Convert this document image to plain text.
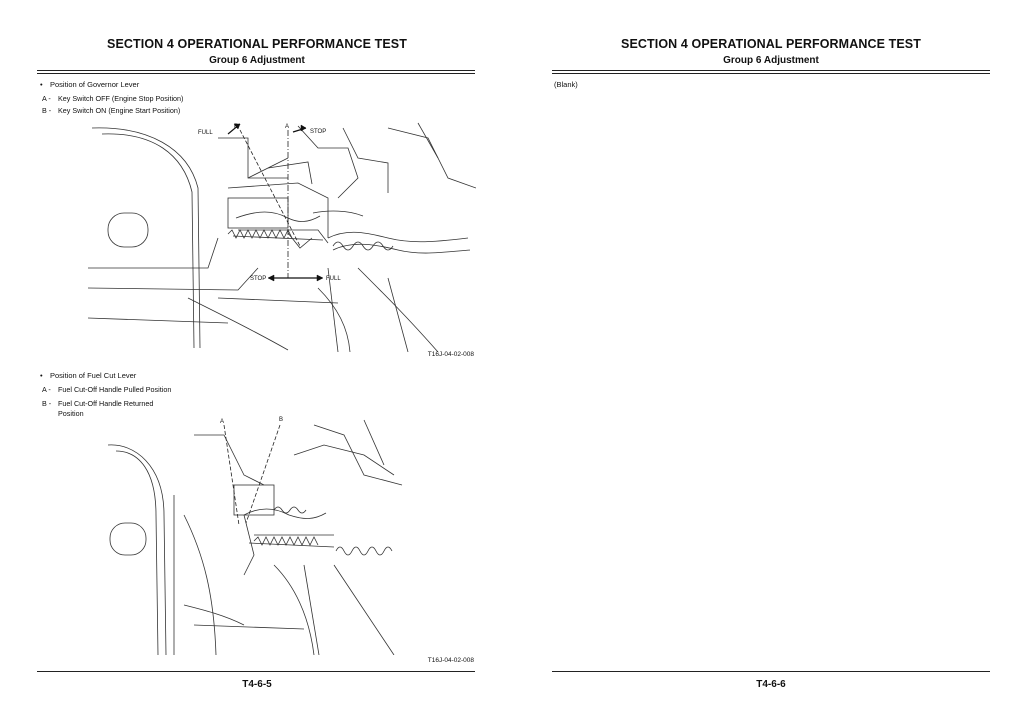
SECTION 4 OPERATIONAL PERFORMANCE TEST
Group 6 Adjustment
• Position of Governor Lever
A - Key Switch OFF (Engine Stop Position)
B - Key Switch ON (Engine Start Position)
FULL
B	A
STOP
STOP	FULL
T16J-04-02-008
• Position of Fuel Cut Lever
A - Fuel Cut-Off Handle Pulled Position
B - Fuel Cut-Off Handle Returned Position
A	B
T16J-04-02-008
T4-6-5
SECTION 4 OPERATIONAL PERFORMANCE TEST
Group 6 Adjustment
(Blank)
T4-6-6
